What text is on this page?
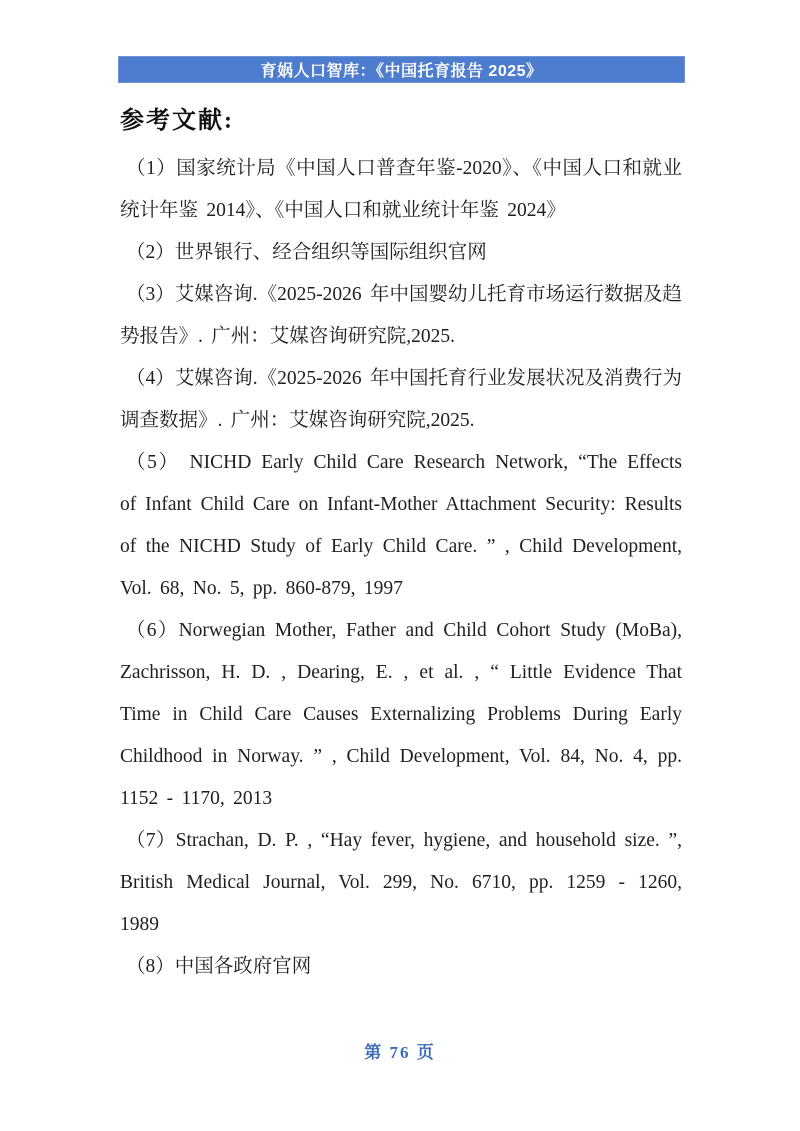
育娲人口智库：《中国托育报告 2025》
参考文献:

（1）国家统计局《中国人口普查年鉴-2020》、《中国人口和就业统计年鉴 2014》、《中国人口和就业统计年鉴 2024》

（2）世界银行、经合组织等国际组织官网

（3）艾媒咨询.《2025-2026 年中国婴幼儿托育市场运行数据及趋势报告》. 广州：艾媒咨询研究院,2025.

（4）艾媒咨询.《2025-2026 年中国托育行业发展状况及消费行为调查数据》. 广州：艾媒咨询研究院,2025.

（5） NICHD Early Child Care Research Network, “The Effects of Infant Child Care on Infant-Mother Attachment Security: Results of the NICHD Study of Early Child Care. ” , Child Development, Vol. 68, No. 5, pp. 860-879, 1997

（6）Norwegian Mother, Father and Child Cohort Study (MoBa), Zachrisson, H. D. , Dearing, E. , et al. , “ Little Evidence That Time in Child Care Causes Externalizing Problems During Early Childhood in Norway. ” , Child Development, Vol. 84, No. 4, pp. 1152 - 1170, 2013

（7）Strachan, D. P. , “Hay fever, hygiene, and household size. ”, British Medical Journal, Vol. 299, No. 6710, pp. 1259 - 1260, 1989

（8）中国各政府官网

第 76 页
